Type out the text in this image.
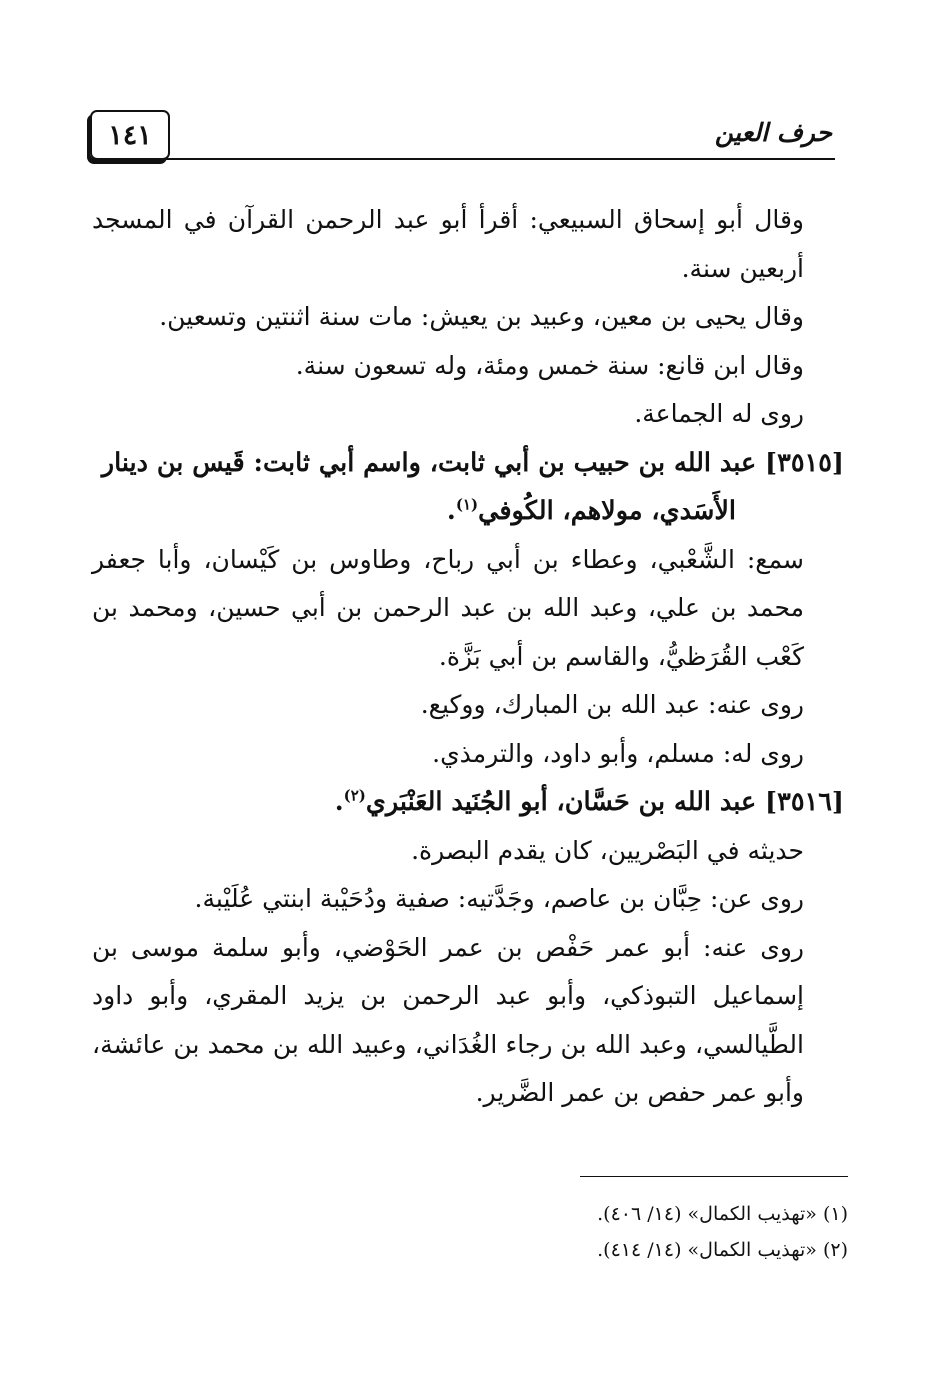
حرف العين
١٤١

وقال أبو إسحاق السبيعي: أقرأ أبو عبد الرحمن القرآن في المسجد أربعين سنة.

وقال يحيى بن معين، وعبيد بن يعيش: مات سنة اثنتين وتسعين.

وقال ابن قانع: سنة خمس ومئة، وله تسعون سنة.

روى له الجماعة.

[٣٥١٥] عبد الله بن حبيب بن أبي ثابت، واسم أبي ثابت: قَيس بن دينار

الأَسَدي، مولاهم، الكُوفي$^{(١)}$.

سمع: الشَّعْبي، وعطاء بن أبي رباح، وطاوس بن كَيْسان، وأبا جعفر محمد بن علي، وعبد الله بن عبد الرحمن بن أبي حسين، ومحمد بن كَعْب القُرَظيُّ، والقاسم بن أبي بَزَّة.

روى عنه: عبد الله بن المبارك، ووكيع.

روى له: مسلم، وأبو داود، والترمذي.

[٣٥١٦] عبد الله بن حَسَّان، أبو الجُنَيد العَنْبَري$^{(٢)}$.

حديثه في البَصْريين، كان يقدم البصرة.

روى عن: حِبَّان بن عاصم، وجَدَّتيه: صفية ودُحَيْبة ابنتي عُلَيْبة.

روى عنه: أبو عمر حَفْص بن عمر الحَوْضي، وأبو سلمة موسى بن إسماعيل التبوذكي، وأبو عبد الرحمن بن يزيد المقري، وأبو داود الطَّيالسي، وعبد الله بن رجاء الغُدَاني، وعبيد الله بن محمد بن عائشة، وأبو عمر حفص بن عمر الضَّرير.

(١) «تهذيب الكمال» (١٤/ ٤٠٦).

(٢) «تهذيب الكمال» (١٤/ ٤١٤).
